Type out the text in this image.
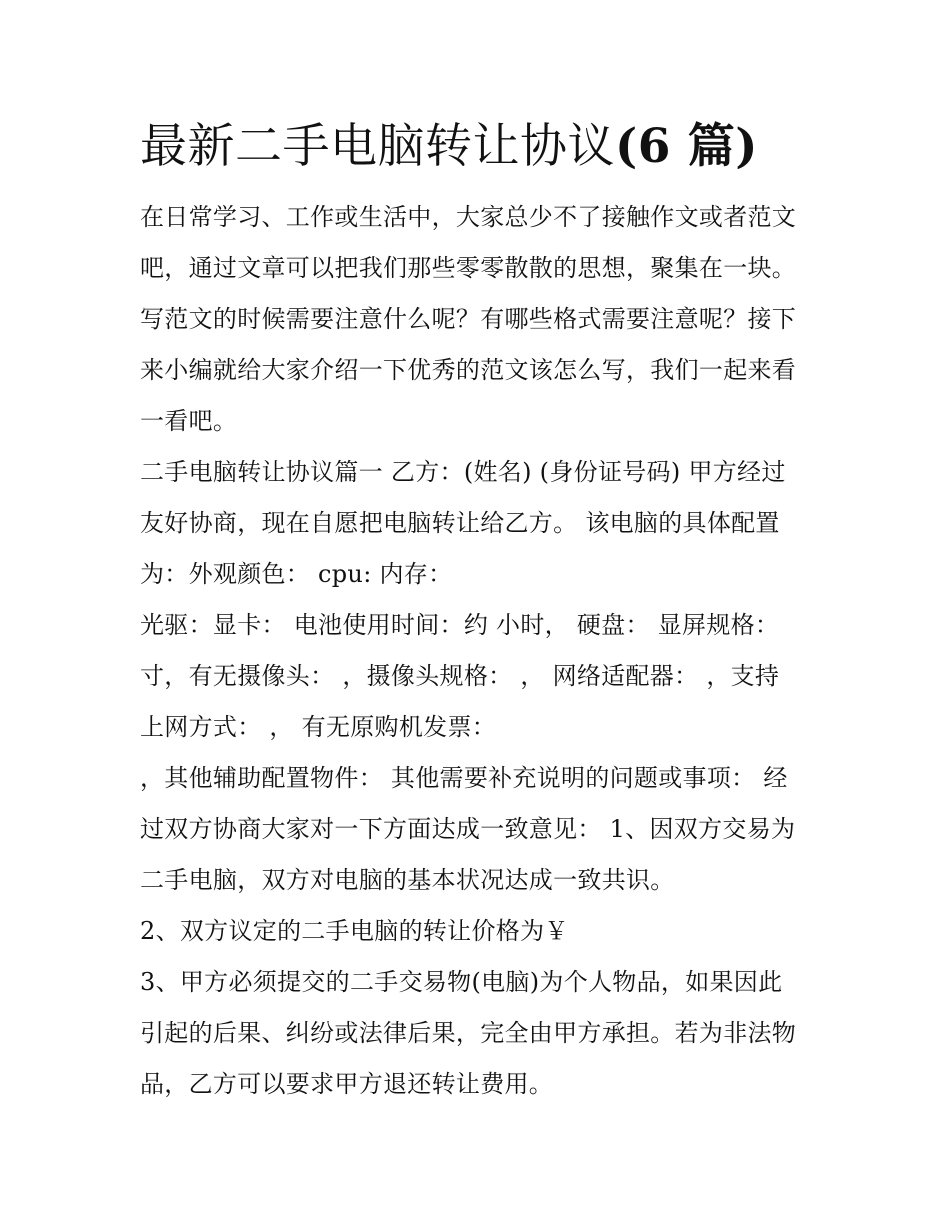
最新二手电脑转让协议(6 篇)
在日常学习、工作或生活中，大家总少不了接触作文或者范文
吧，通过文章可以把我们那些零零散散的思想，聚集在一块。
写范文的时候需要注意什么呢？有哪些格式需要注意呢？接下
来小编就给大家介绍一下优秀的范文该怎么写，我们一起来看
一看吧。
二手电脑转让协议篇一 乙方：(姓名) (身份证号码) 甲方经过
友好协商，现在自愿把电脑转让给乙方。 该电脑的具体配置
为：外观颜色： cpu: 内存：
光驱：显卡： 电池使用时间：约 小时， 硬盘： 显屏规格：
寸，有无摄像头： ，摄像头规格： ， 网络适配器： ，支持
上网方式： ， 有无原购机发票：
，其他辅助配置物件： 其他需要补充说明的问题或事项： 经
过双方协商大家对一下方面达成一致意见： 1、因双方交易为
二手电脑，双方对电脑的基本状况达成一致共识。
2、双方议定的二手电脑的转让价格为￥
3、甲方必须提交的二手交易物(电脑)为个人物品，如果因此
引起的后果、纠纷或法律后果，完全由甲方承担。若为非法物
品，乙方可以要求甲方退还转让费用。
